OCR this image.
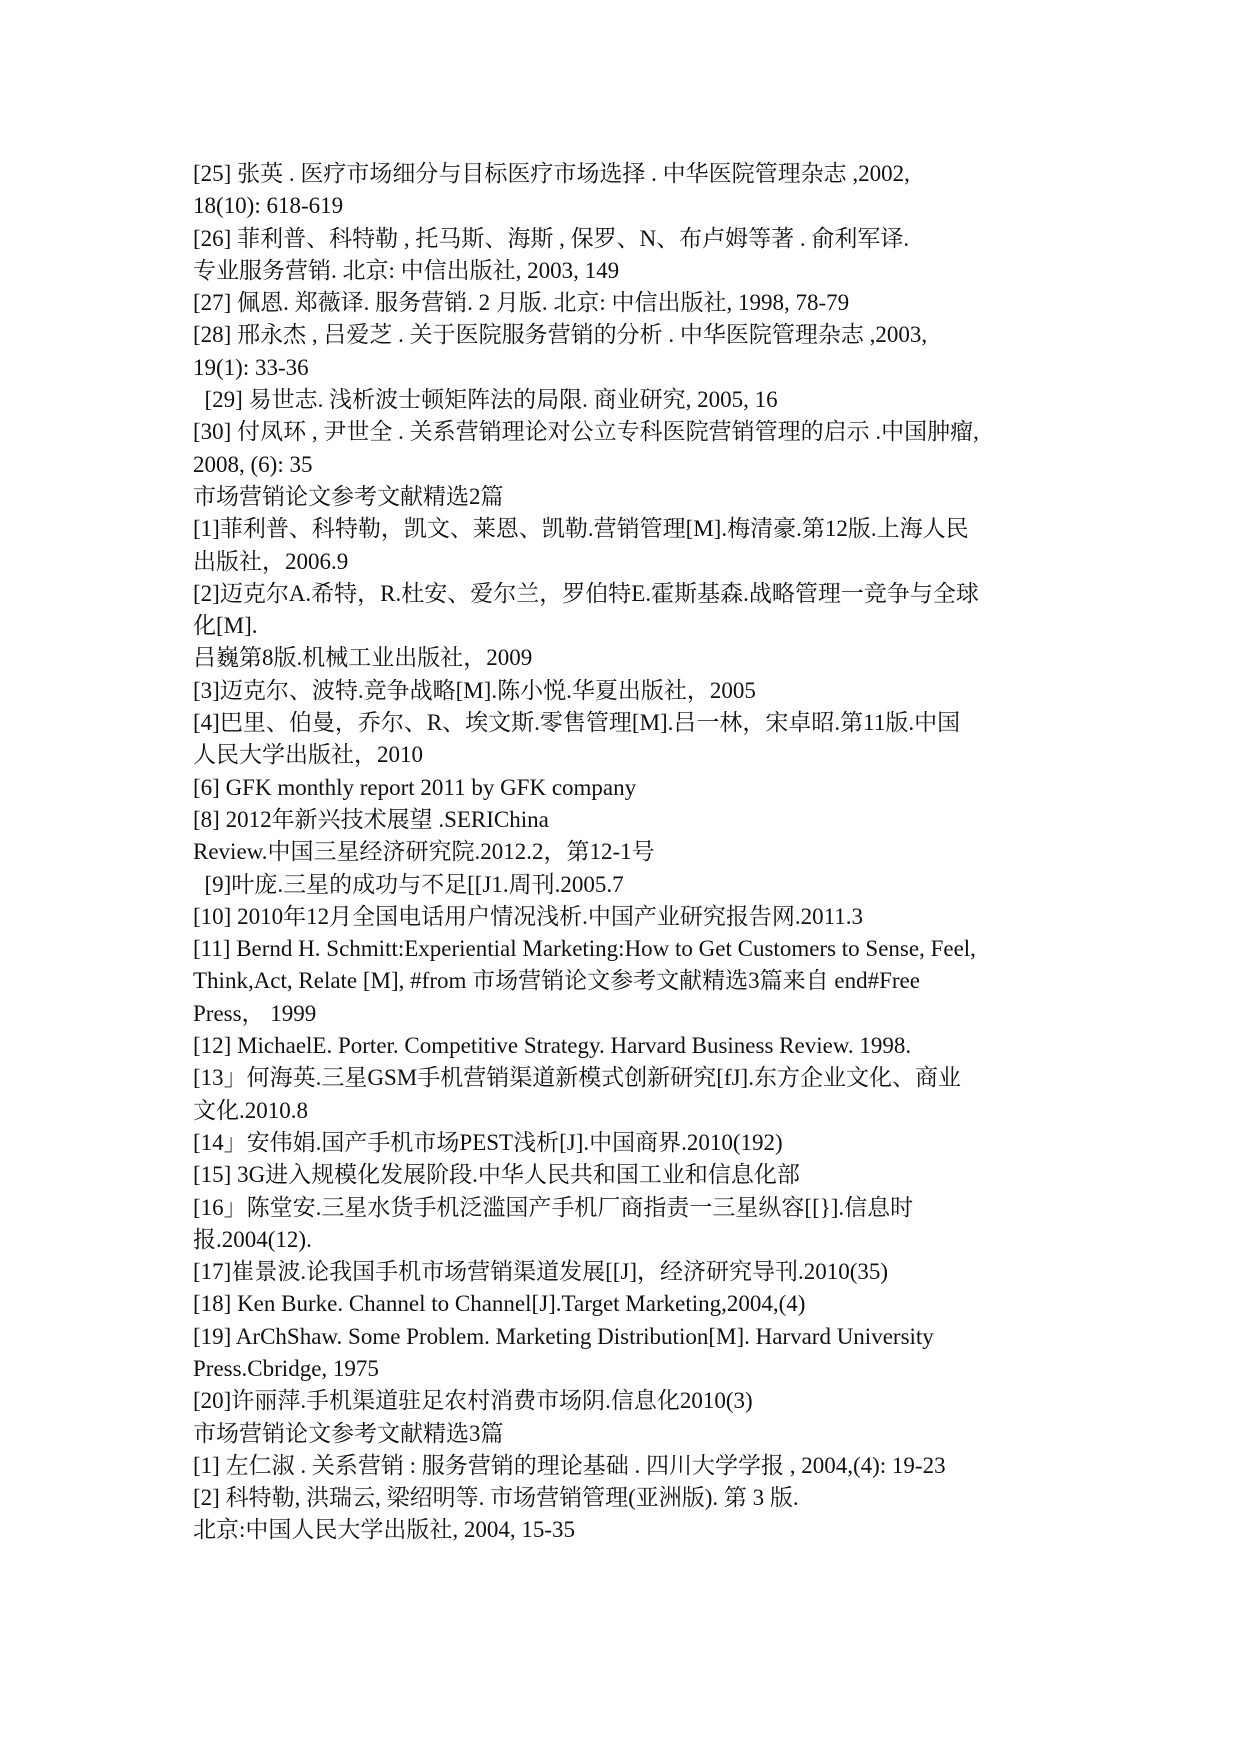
[25] 张英 . 医疗市场细分与目标医疗市场选择 . 中华医院管理杂志 ,2002,
18(10): 618-619
[26] 菲利普、科特勒 , 托马斯、海斯 , 保罗、N、布卢姆等著 . 俞利军译.
专业服务营销. 北京: 中信出版社, 2003, 149
[27] 佩恩. 郑薇译. 服务营销. 2 月版. 北京: 中信出版社, 1998, 78-79
[28] 邢永杰 , 吕爱芝 . 关于医院服务营销的分析 . 中华医院管理杂志 ,2003,
19(1): 33-36
[29] 易世志. 浅析波士顿矩阵法的局限. 商业研究, 2005, 16
[30] 付凤环 , 尹世全 . 关系营销理论对公立专科医院营销管理的启示 .中国肿瘤,
2008, (6): 35
市场营销论文参考文献精选2篇
[1]菲利普、科特勒，凯文、莱恩、凯勒.营销管理[M].梅清豪.第12版.上海人民
出版社，2006.9
[2]迈克尔A.希特，R.杜安、爱尔兰，罗伯特E.霍斯基森.战略管理一竞争与全球
化[M].
吕巍第8版.机械工业出版社，2009
[3]迈克尔、波特.竞争战略[M].陈小悦.华夏出版社，2005
[4]巴里、伯曼，乔尔、R、埃文斯.零售管理[M].吕一林，宋卓昭.第11版.中国
人民大学出版社，2010
[6] GFK monthly report 2011 by GFK company
[8] 2012年新兴技术展望 .SERIChina
Review.中国三星经济研究院.2012.2，第12-1号
[9]叶庞.三星的成功与不足[[J1.周刊.2005.7
[10] 2010年12月全国电话用户情况浅析.中国产业研究报告网.2011.3
[11] Bernd H. Schmitt:Experiential Marketing:How to Get Customers to Sense, Feel,
Think,Act, Relate [M], #from 市场营销论文参考文献精选3篇来自 end#Free
Press， 1999
[12] MichaelE. Porter. Competitive Strategy. Harvard Business Review. 1998.
[13」何海英.三星GSM手机营销渠道新模式创新研究[fJ].东方企业文化、商业
文化.2010.8
[14」安伟娟.国产手机市场PEST浅析[J].中国商界.2010(192)
[15] 3G进入规模化发展阶段.中华人民共和国工业和信息化部
[16」陈堂安.三星水货手机泛滥国产手机厂商指责一三星纵容[[}].信息时
报.2004(12).
[17]崔景波.论我国手机市场营销渠道发展[[J]，经济研究导刊.2010(35)
[18] Ken Burke. Channel to Channel[J].Target Marketing,2004,(4)
[19] ArChShaw. Some Problem. Marketing Distribution[M]. Harvard University
Press.Cbridge, 1975
[20]许丽萍.手机渠道驻足农村消费市场阴.信息化2010(3)
市场营销论文参考文献精选3篇
[1] 左仁淑 . 关系营销 : 服务营销的理论基础 . 四川大学学报 , 2004,(4): 19-23
[2] 科特勒, 洪瑞云, 梁绍明等. 市场营销管理(亚洲版). 第 3 版.
北京:中国人民大学出版社, 2004, 15-35
